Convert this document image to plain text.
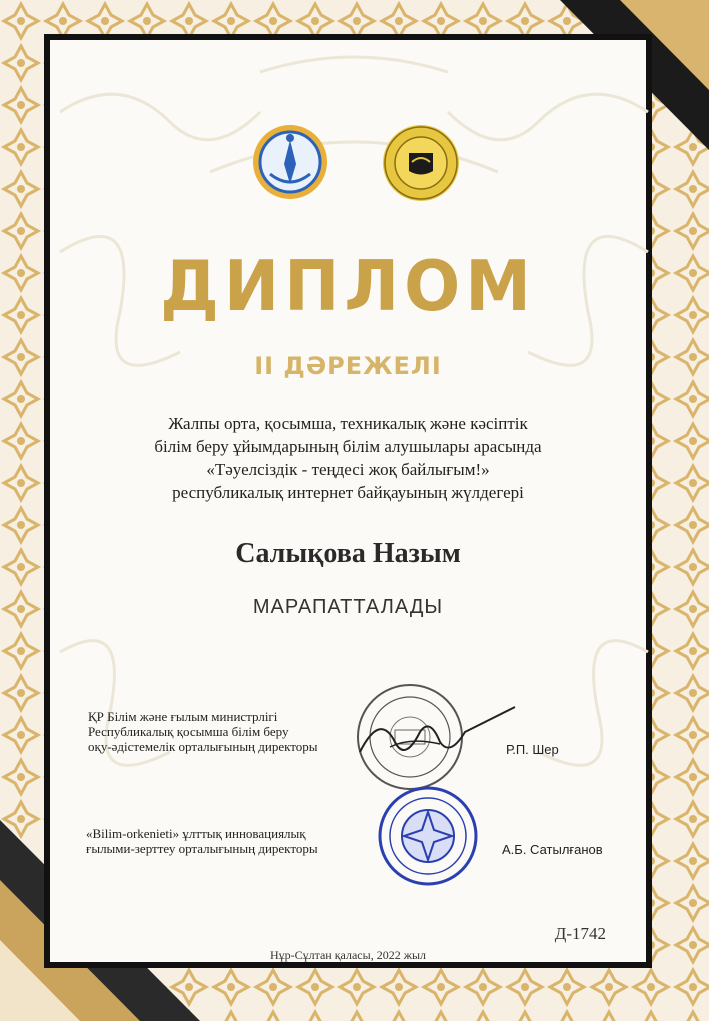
ДИПЛОМ
II ДӘРЕЖЕЛІ
Жалпы орта, қосымша, техникалық және кәсіптік
білім беру ұйымдарының білім алушылары арасында
«Тәуелсіздік - теңдесі жоқ байлығым!»
республикалық интернет байқауының жүлдегері
Салықова Назым
МАРАПАТТАЛАДЫ
ҚР Білім және ғылым министрлігі
Республикалық қосымша білім беру
оқу-әдістемелік орталығының директоры	Р.П. Шер
«Bilim-orkenieti» ұлттық инновациялық
ғылыми-зерттеу орталығының директоры	А.Б. Сатылғанов
Д-1742
Нұр-Сұлтан қаласы, 2022 жыл
